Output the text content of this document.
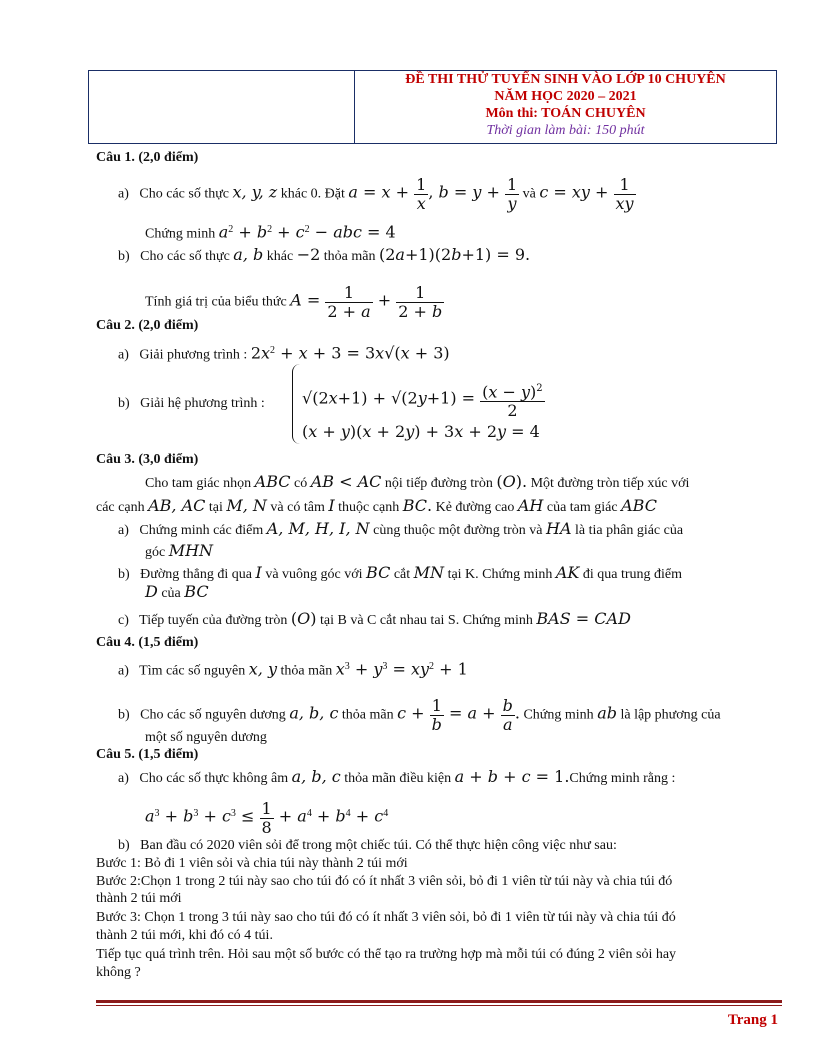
ĐỀ THI THỬ TUYỂN SINH VÀO LỚP 10 CHUYÊN
NĂM HỌC 2020 – 2021
Môn thi: TOÁN CHUYÊN
Thời gian làm bài: 150 phút
Câu 1. (2,0 điểm)
a) Cho các số thực x, y, z khác 0. Đặt $a = x + \frac{1}{x}$ , $b = y + \frac{1}{y}$ và c = xy + $\frac{1}{xy}$
Chứng minh $a^2 + b^2 + c^2$ − abc = 4
b) Cho các số thực a, b khác −2 thỏa mãn (2a+1)(2b+1) = 9.
Tính giá trị của biểu thức $A = \frac{1}{2 + a} + \frac{1}{2 + b}$
Câu 2. (2,0 điểm)
a) Giải phương trình : $2x^2 + x + 3 = 3x√(x + 3)$
b) Giải hệ phương trình : $√(2x+1) + √(2y+1) = \frac{(x - y)^2}{2}$
(x + y)(x + 2y) + 3x + 2y = 4
Câu 3. (3,0 điểm)
Cho tam giác nhọn ABC có AB < AC nội tiếp đường tròn (O). Một đường tròn tiếp xúc với
các cạnh AB, AC tại M, N và có tâm I thuộc cạnh BC. Kẻ đường cao AH của tam giác ABC
a) Chứng minh các điểm A, M, H, I, N cùng thuộc một đường tròn và HA là tia phân giác của
góc MHN
b) Đường thẳng đi qua I và vuông góc với BC cắt MN tại K. Chứng minh AK đi qua trung điểm
D của BC
c) Tiếp tuyến của đường tròn (O) tại B và C cắt nhau tai S. Chứng minh BAS = CAD
Câu 4. (1,5 điểm)
a) Tìm các số nguyên x, y thỏa mãn $x^3 + y^3 = xy^2 + 1$
b) Cho các số nguyên dương a, b, c thỏa mãn $c + \frac{1}{b} = a + \frac{b}{a}$ . Chứng minh ab là lập phương của
một số nguyên dương
Câu 5. (1,5 điểm)
a) Cho các số thực không âm a, b, c thỏa mãn điều kiện a + b + c = 1.Chứng minh rằng :
$a^3 + b^3 + c^3 \le \frac{1}{8} + a^4 + b^4 + c^4$
b) Ban đầu có 2020 viên sỏi để trong một chiếc túi. Có thể thực hiện công việc như sau:
Bước 1: Bỏ đi 1 viên sỏi và chia túi này thành 2 túi mới
Bước 2:Chọn 1 trong 2 túi này sao cho túi đó có ít nhất 3 viên sỏi, bỏ đi 1 viên từ túi này và chia túi đó
thành 2 túi mới
Bước 3: Chọn 1 trong 3 túi này sao cho túi đó có ít nhất 3 viên sỏi, bỏ đi 1 viên từ túi này và chia túi đó
thành 2 túi mới, khi đó có 4 túi.
Tiếp tục quá trình trên. Hỏi sau một số bước có thể tạo ra trường hợp mà mỗi túi có đúng 2 viên sỏi hay
không ?
Trang 1
